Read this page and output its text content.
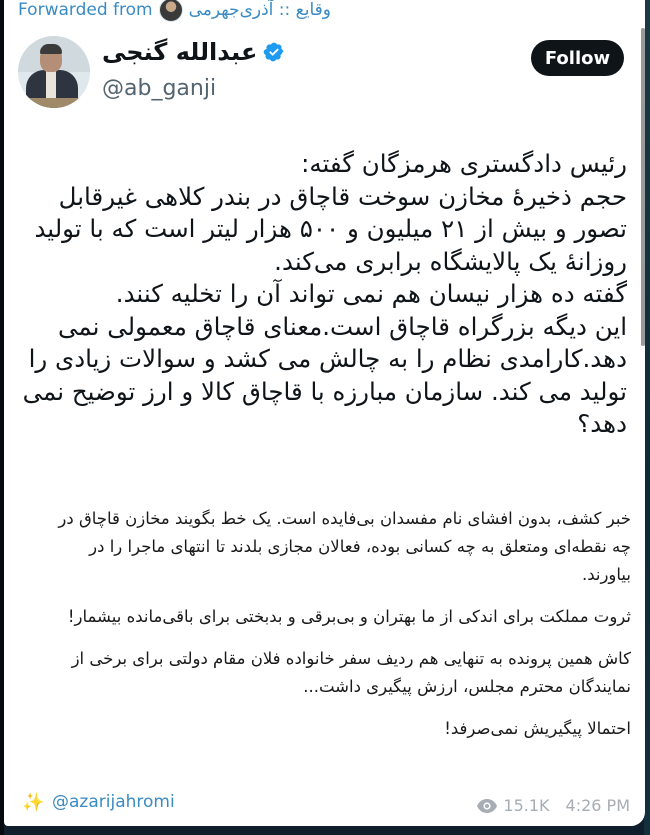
Forwarded from وقایع :: آذری‌جهرمی
عبدالله گنجی
@ab_ganji
Follow
رئیس دادگستری هرمزگان گفته:
حجم ذخیرۀ مخازن سوخت قاچاق در بندر کلاهی غیرقابل
تصور و بیش از ۲۱ میلیون و ۵۰۰ هزار لیتر است که با تولید
روزانۀ یک پالایشگاه برابری می‌کند.
گفته ده هزار نیسان هم نمی تواند آن را تخلیه کنند.
این دیگه بزرگراه قاچاق است.معنای قاچاق معمولی نمی
دهد.کارامدی نظام را به چالش می کشد و سوالات زیادی را
تولید می کند. سازمان مبارزه با قاچاق کالا و ارز توضیح نمی
دهد؟

خبر کشف، بدون افشای نام مفسدان بی‌فایده است. یک خط بگویند مخازن قاچاق در
چه نقطه‌ای ومتعلق به چه کسانی بوده، فعالان مجازی بلدند تا انتهای ماجرا را در
بیاورند.

ثروت مملکت برای اندکی از ما بهتران و بی‌برقی و بدبختی برای باقی‌مانده بیشمار!

کاش همین پرونده به تنهایی هم ردیف سفر خانواده فلان مقام دولتی برای برخی از
نمایندگان محترم مجلس، ارزش پیگیری داشت...

احتمالا پیگیریش نمی‌صرفد!

✨ @azarijahromi	15.1K 4:26 PM
